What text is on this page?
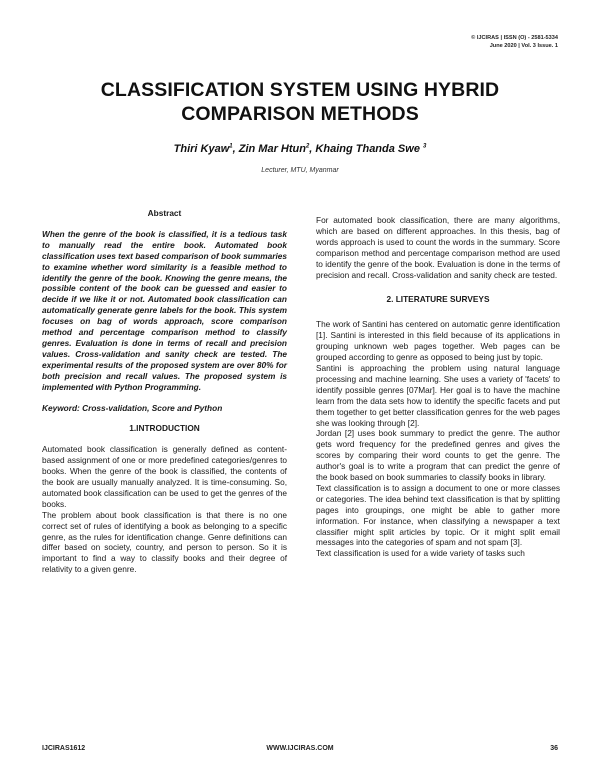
© IJCIRAS | ISSN (O) - 2581-5334
June 2020 | Vol. 3 Issue. 1
CLASSIFICATION SYSTEM USING HYBRID
COMPARISON METHODS
Thiri Kyaw$^1$, Zin Mar Htun$^2$, Khaing Thanda Swe $^3$
Lecturer, MTU, Myanmar
Abstract

When the genre of the book is classified, it is a tedious task to manually read the entire book. Automated book classification uses text based comparison of book summaries to examine whether word similarity is a feasible method to identify the genre of the book. Knowing the genre means, the possible content of the book can be guessed and easier to decide if we like it or not. Automated book classification can automatically generate genre labels for the book. This system focuses on bag of words approach, score comparison method and percentage comparison method to classify genres. Evaluation is done in terms of recall and precision values. Cross-validation and sanity check are tested. The experimental results of the proposed system are over 80% for both precision and recall values. The proposed system is implemented with Python Programming.

Keyword: Cross-validation, Score and Python

1.INTRODUCTION

Automated book classification is generally defined as content-based assignment of one or more predefined categories/genres to books. When the genre of the book is classified, the contents of the book are usually manually analyzed. It is time-consuming. So, automated book classification can be used to get the genres of the books.

The problem about book classification is that there is no one correct set of rules of identifying a book as belonging to a specific genre, as the rules for identification change. Genre definitions can differ based on society, country, and person to person. So it is important to find a way to classify books and their degree of relativity to a given genre.

For automated book classification, there are many algorithms, which are based on different approaches. In this thesis, bag of words approach is used to count the words in the summary. Score comparison method and percentage comparison method are used to identify the genre of the book. Evaluation is done in the terms of precision and recall. Cross-validation and sanity check are tested.

2. LITERATURE SURVEYS

The work of Santini has centered on automatic genre identification [1]. Santini is interested in this field because of its applications in grouping unknown web pages together. Web pages can be grouped according to genre as opposed to being just by topic.

Santini is approaching the problem using natural language processing and machine learning. She uses a variety of 'facets' to identify possible genres [07Mar]. Her goal is to have the machine learn from the data sets how to identify the specific facets and put them together to get better classification genres for the web pages she was looking through [2].

Jordan [2] uses book summary to predict the genre. The author gets word frequency for the predefined genres and gives the scores by comparing their word counts to get the genre. The author's goal is to write a program that can predict the genre of the book based on book summaries to classify books in library.

Text classification is to assign a document to one or more classes or categories. The idea behind text classification is that by splitting pages into groupings, one might be able to gather more information. For instance, when classifying a newspaper a text classifier might split articles by topic. Or it might split email messages into the categories of spam and not spam [3].

Text classification is used for a wide variety of tasks such

IJCIRAS1612	WWW.IJCIRAS.COM	36
